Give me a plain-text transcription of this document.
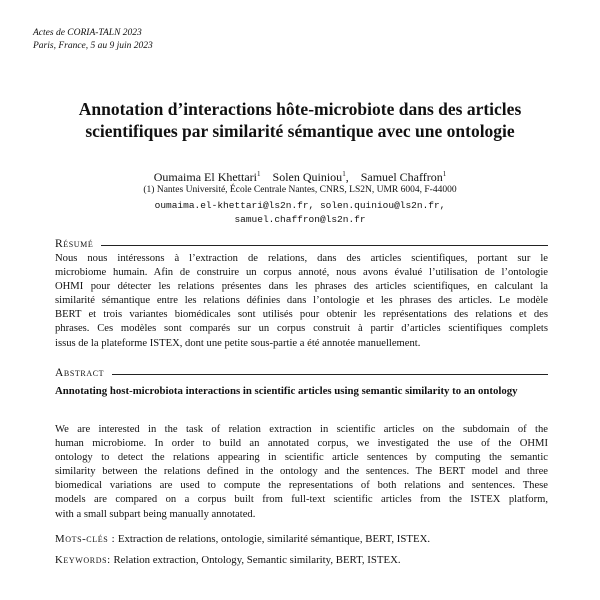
Actes de CORIA-TALN 2023
Paris, France, 5 au 9 juin 2023
Annotation d’interactions hôte-microbiote dans des articles
scientifiques par similarité sémantique avec une ontologie
Oumaima El Khettari$^1$ Solen Quiniou$^1$,    Samuel Chaffron$^1$
(1) Nantes Université, École Centrale Nantes, CNRS, LS2N, UMR 6004, F-44000
oumaima.el-khettari@ls2n.fr, solen.quiniou@ls2n.fr,
samuel.chaffron@ls2n.fr
Résumé
Nous nous intéressons à l’extraction de relations, dans des articles scientifiques, portant sur le
microbiome humain. Afin de construire un corpus annoté, nous avons évalué l’utilisation de l’ontologie
OHMI pour détecter les relations présentes dans les phrases des articles scientifiques, en calculant la
similarité sémantique entre les relations définies dans l’ontologie et les phrases des articles. Le modèle
BERT et trois variantes biomédicales sont utilisés pour obtenir les représentations des relations et des
phrases. Ces modèles sont comparés sur un corpus construit à partir d’articles scientifiques complets
issus de la plateforme ISTEX, dont une petite sous-partie a été annotée manuellement.
Abstract
Annotating host-microbiota interactions in scientific articles using semantic similarity to an ontology
We are interested in the task of relation extraction in scientific articles on the subdomain of the
human microbiome. In order to build an annotated corpus, we investigated the use of the OHMI
ontology to detect the relations appearing in scientific article sentences by computing the semantic
similarity between the relations defined in the ontology and the sentences. The BERT model and three
biomedical variations are used to compute the representations of both relations and sentences. These
models are compared on a corpus built from full-text scientific articles from the ISTEX platform,
with a small subpart being manually annotated.
Mots-clés : Extraction de relations, ontologie, similarité sémantique, BERT, ISTEX.
Keywords: Relation extraction, Ontology, Semantic similarity, BERT, ISTEX.
